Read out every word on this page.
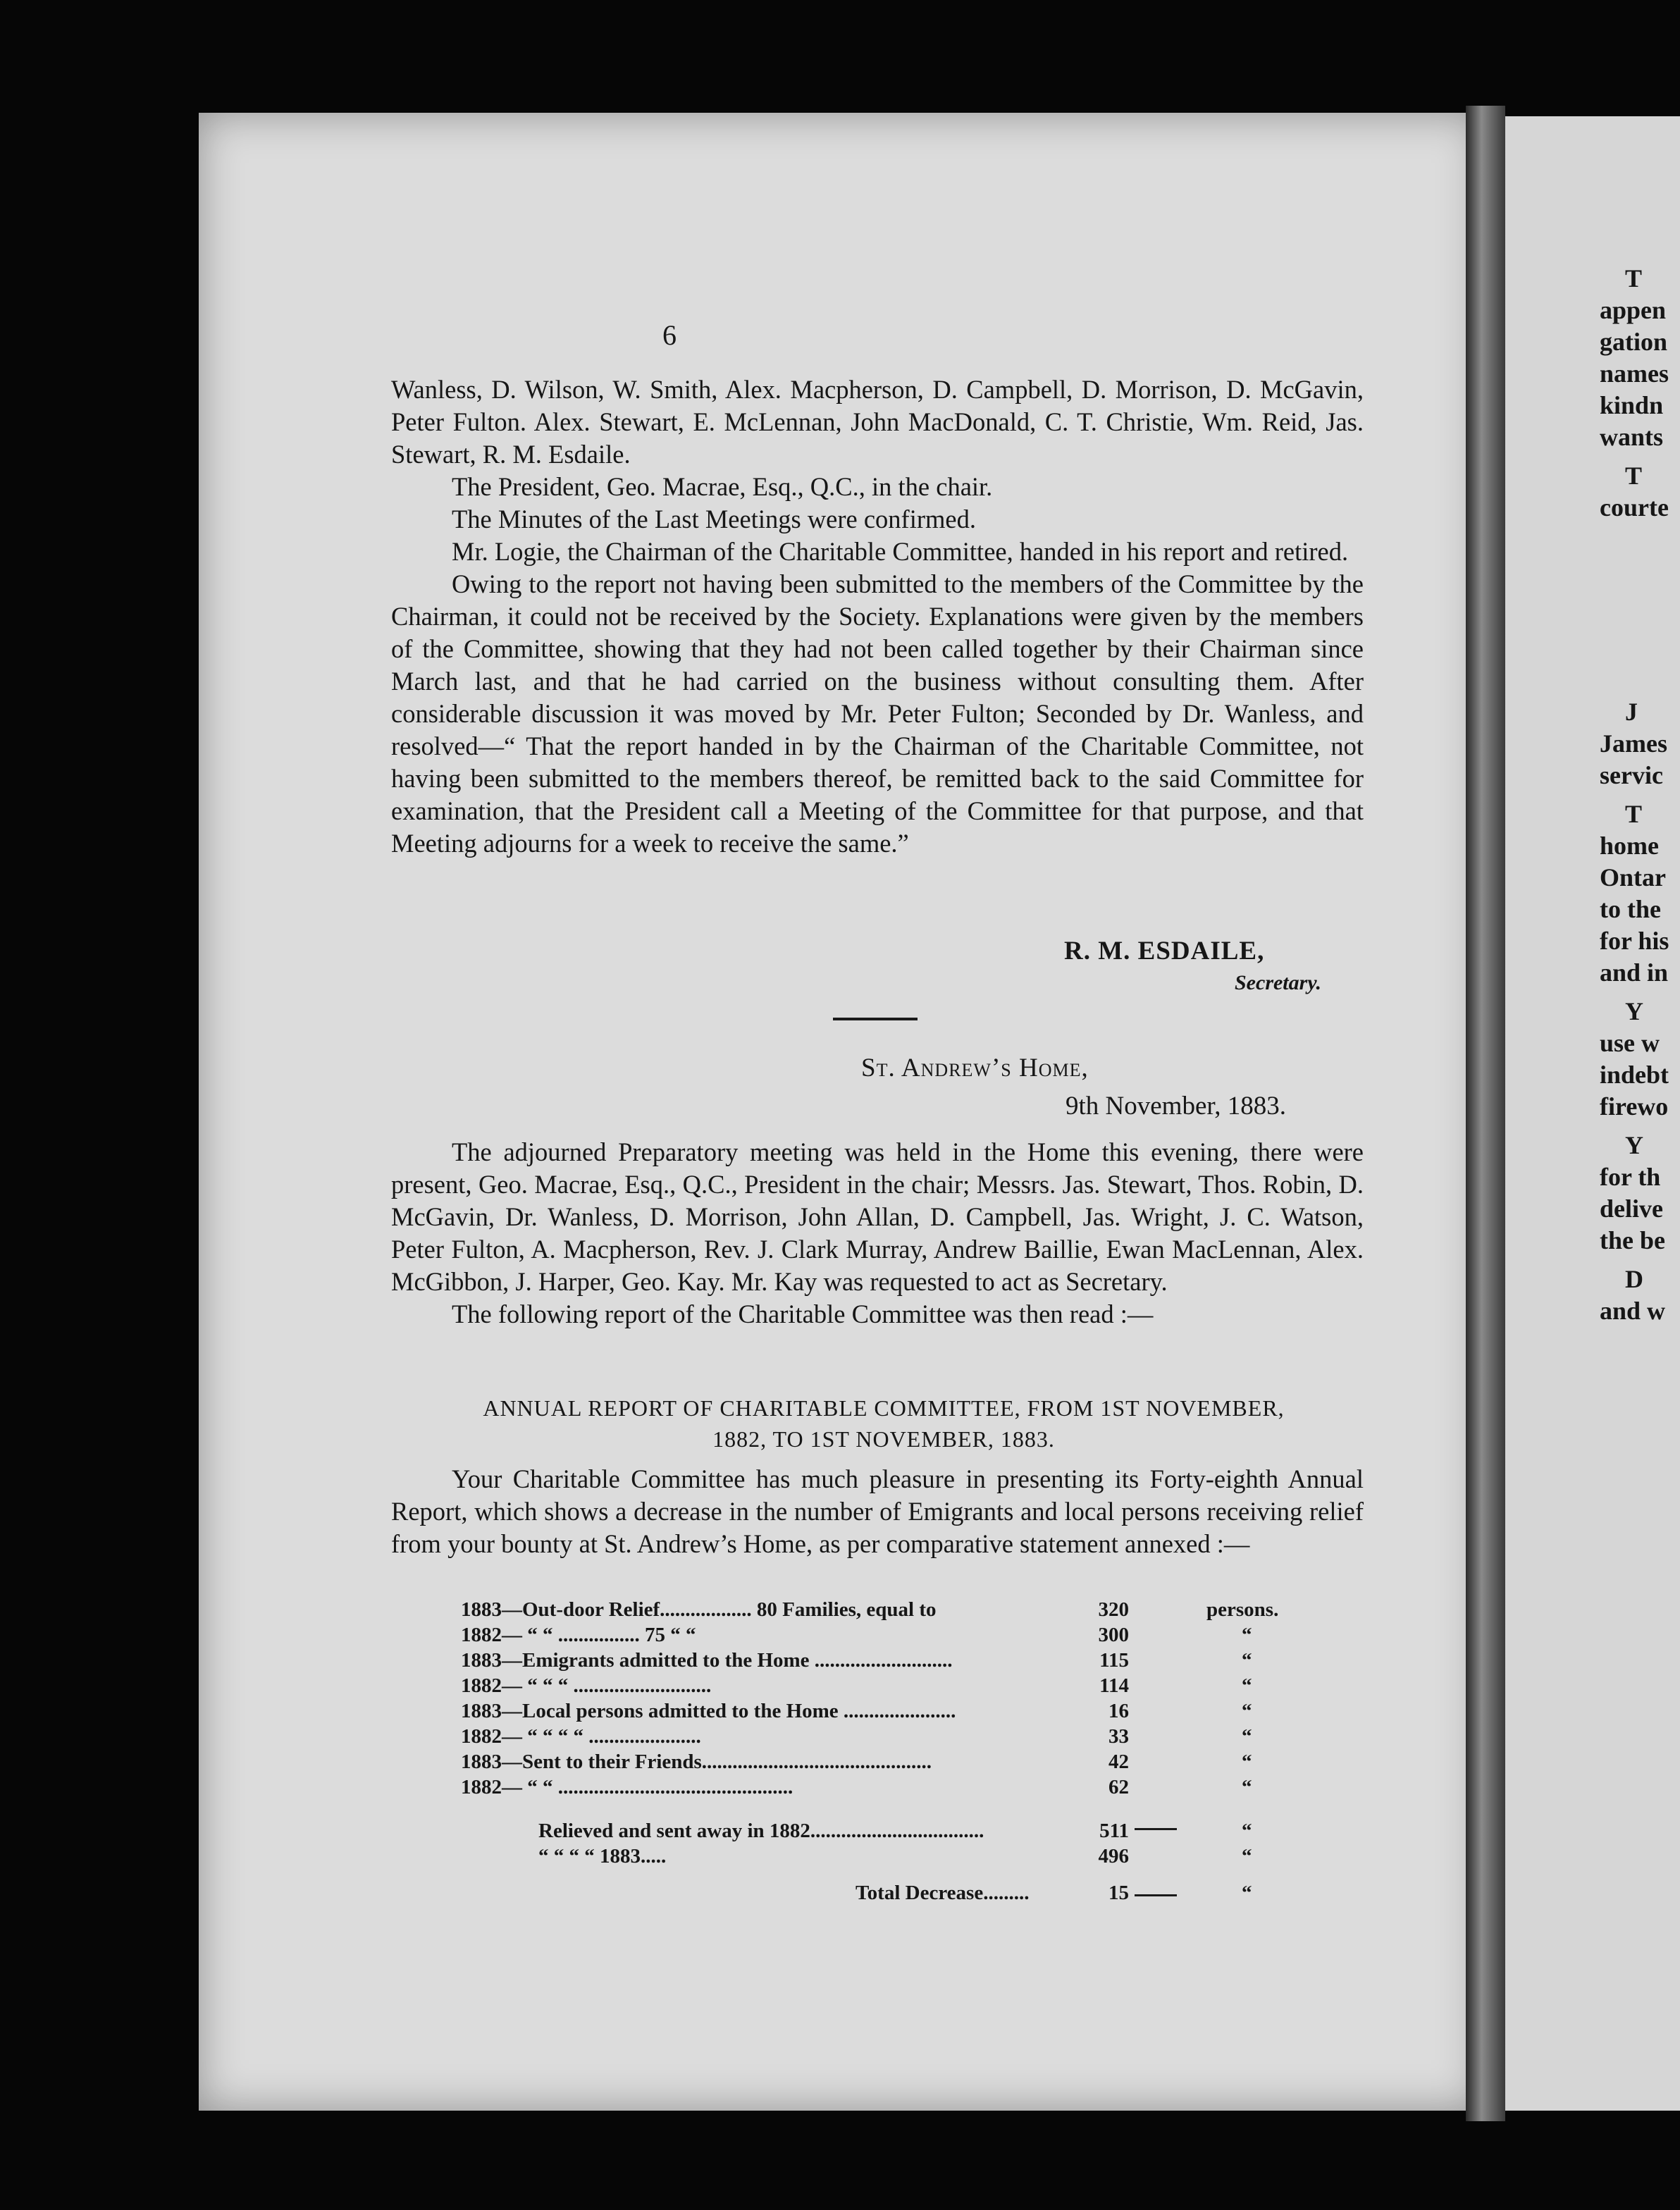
T
appen
gation
names
kindn
wants
T
courte
J
James
servic
T
home
Ontar
to the
for his
and in
Y
use w
indebt
firewo
Y
for th
delive
the be
D
and w
6

Wanless, D. Wilson, W. Smith, Alex. Macpherson, D. Campbell, D. Morrison, D. McGavin, Peter Fulton. Alex. Stewart, E. McLennan, John MacDonald, C. T. Christie, Wm. Reid, Jas. Stewart, R. M. Esdaile.

The President, Geo. Macrae, Esq., Q.C., in the chair.

The Minutes of the Last Meetings were confirmed.

Mr. Logie, the Chairman of the Charitable Committee, handed in his report and retired.

Owing to the report not having been submitted to the members of the Committee by the Chairman, it could not be received by the Society. Explanations were given by the members of the Committee, showing that they had not been called together by their Chairman since March last, and that he had carried on the business without consulting them. After considerable discussion it was moved by Mr. Peter Fulton; Seconded by Dr. Wanless, and resolved—“ That the report handed in by the Chairman of the Charitable Committee, not having been submitted to the members thereof, be remitted back to the said Committee for examination, that the President call a Meeting of the Committee for that purpose, and that Meeting adjourns for a week to receive the same.”

R. M. ESDAILE,
Secretary.
St. Andrew’s Home,
9th November, 1883.

The adjourned Preparatory meeting was held in the Home this evening, there were present, Geo. Macrae, Esq., Q.C., President in the chair; Messrs. Jas. Stewart, Thos. Robin, D. McGavin, Dr. Wanless, D. Morrison, John Allan, D. Campbell, Jas. Wright, J. C. Watson, Peter Fulton, A. Macpherson, Rev. J. Clark Murray, Andrew Baillie, Ewan MacLennan, Alex. McGibbon, J. Harper, Geo. Kay. Mr. Kay was requested to act as Secretary.

The following report of the Charitable Committee was then read :—

ANNUAL REPORT OF CHARITABLE COMMITTEE, FROM 1ST NOVEMBER,
1882, TO 1ST NOVEMBER, 1883.

Your Charitable Committee has much pleasure in presenting its Forty-eighth Annual Report, which shows a decrease in the number of Emigrants and local persons receiving relief from your bounty at St. Andrew’s Home, as per comparative statement annexed :—

1883—Out-door Relief.................. 80 Families, equal to	320	persons.
1882— “ “ ................ 75 “ “	300	“
1883—Emigrants admitted to the Home ...........................	115	“
1882— “ “ “ ...........................	114	“
1883—Local persons admitted to the Home ......................	16	“
1882— “ “ “ “ ......................	33	“
1883—Sent to their Friends.............................................	42	“
1882— “ “ ..............................................	62	“
Relieved and sent away in 1882..................................	511	“
“ “ “ “ 1883.....	496	“
Total Decrease.........	15	“
